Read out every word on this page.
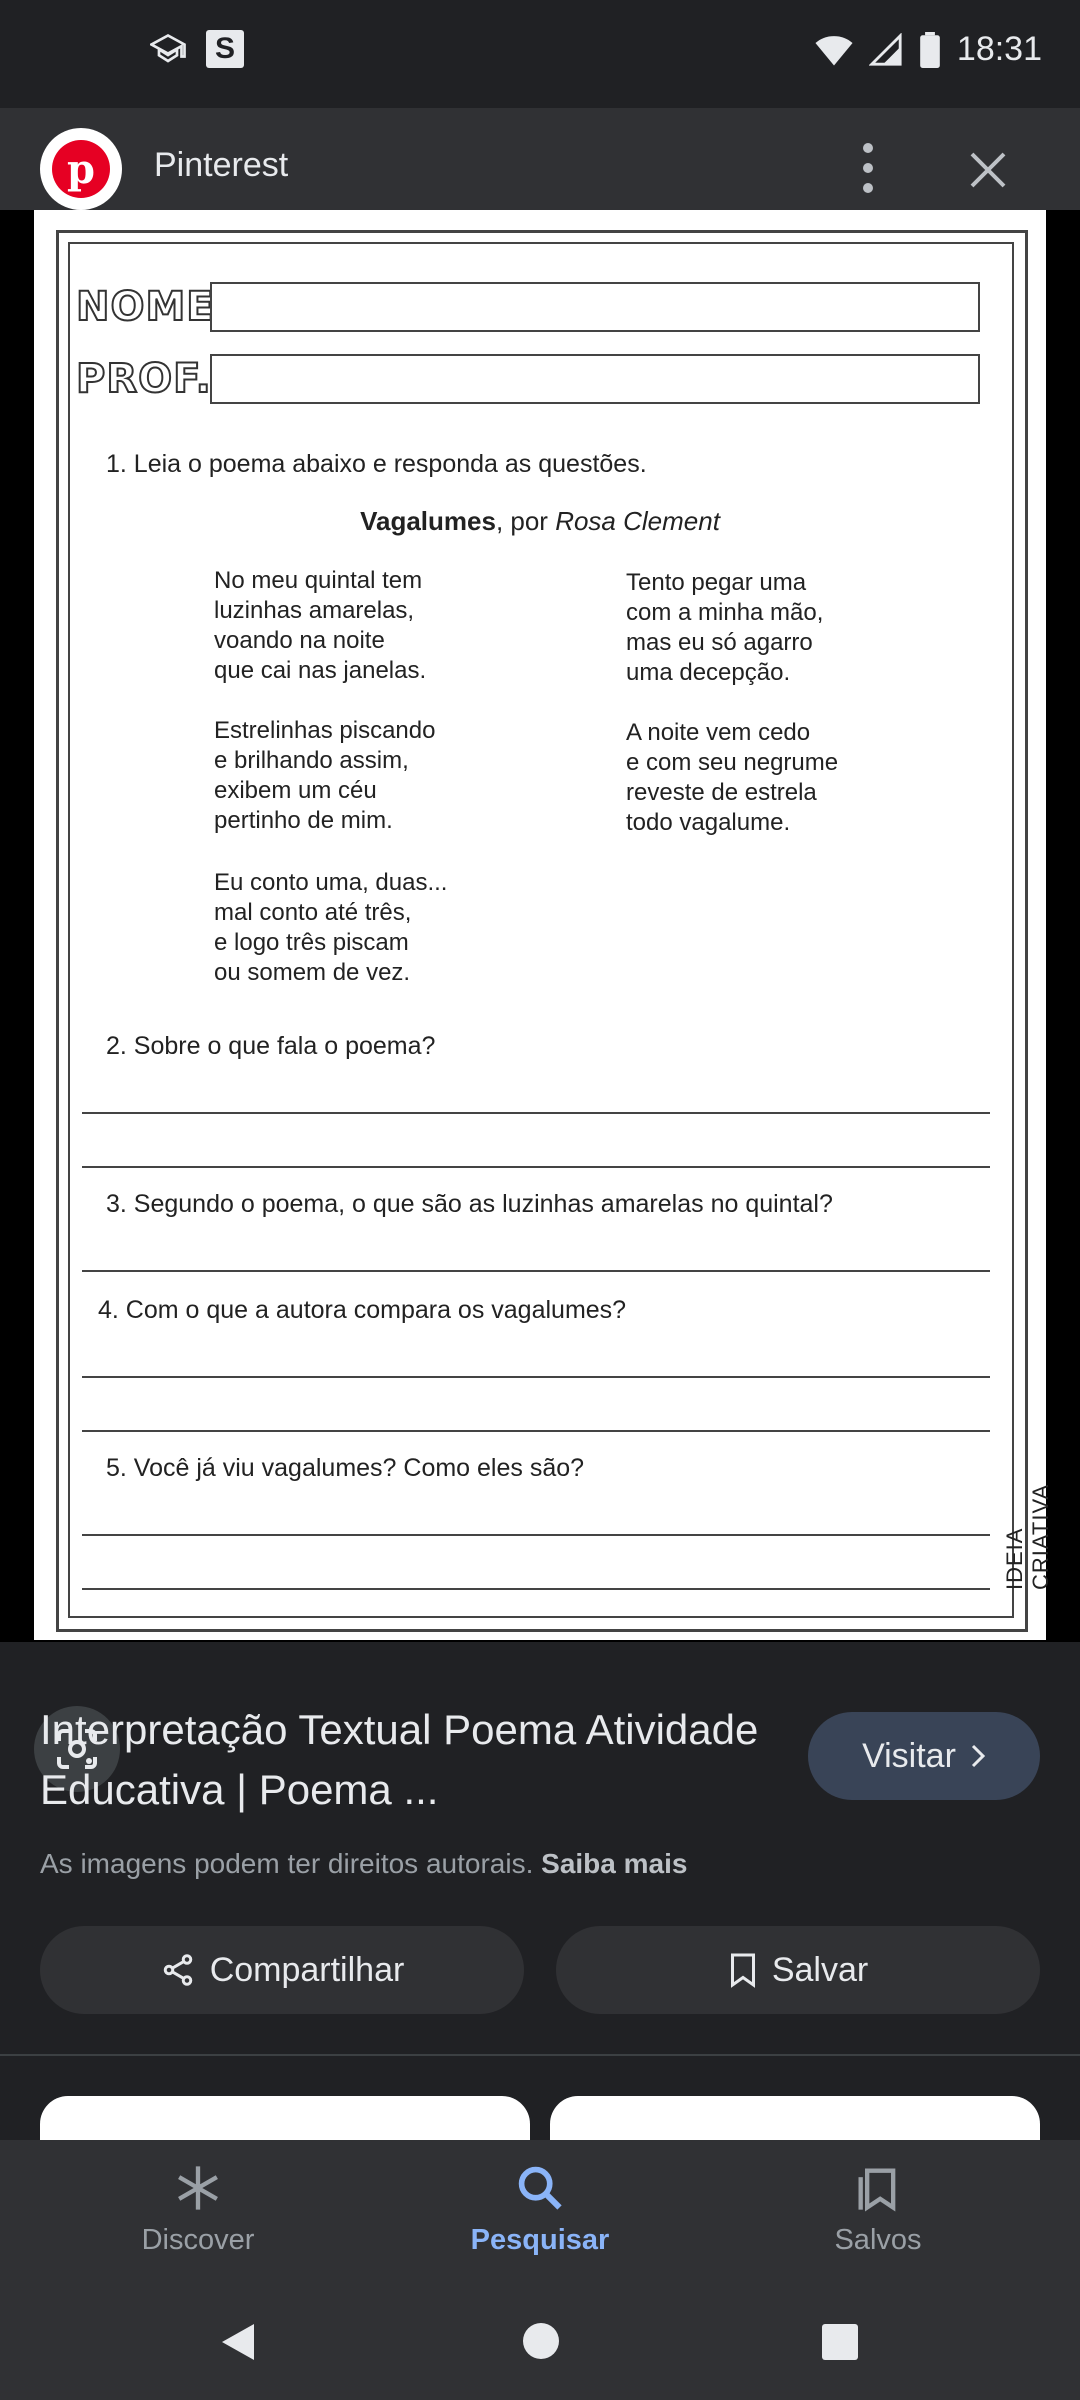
S	18:31
p	Pinterest
NOME
PROF.
1. Leia o poema abaixo e responda as questões.
Vagalumes, por Rosa Clement
No meu quintal tem
luzinhas amarelas,
voando na noite
que cai nas janelas.
Estrelinhas piscando
e brilhando assim,
exibem um céu
pertinho de mim.
Eu conto uma, duas...
mal conto até três,
e logo três piscam
ou somem de vez.
Tento pegar uma
com a minha mão,
mas eu só agarro
uma decepção.
A noite vem cedo
e com seu negrume
reveste de estrela
todo vagalume.
2. Sobre o que fala o poema?
3. Segundo o poema, o que são as luzinhas amarelas no quintal?
4. Com o que a autora compara os vagalumes?
5. Você já viu vagalumes? Como eles são?
IDEIA CRIATIVA
Interpretação Textual Poema Atividade Educativa | Poema ...
Visitar
As imagens podem ter direitos autorais. Saiba mais
Compartilhar	Salvar
Discover	Pesquisar	Salvos
